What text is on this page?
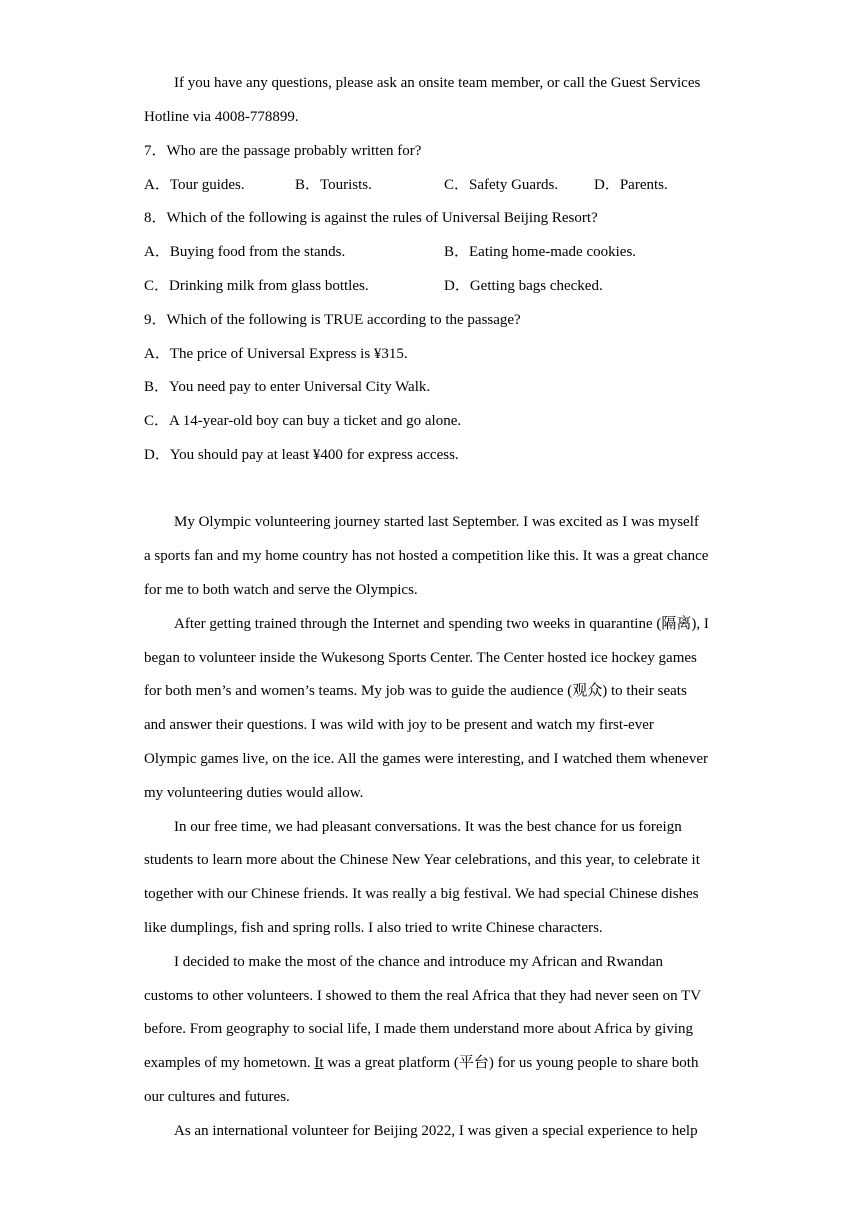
If you have any questions, please ask an onsite team member, or call the Guest Services
Hotline via 4008-778899.
7．Who are the passage probably written for?
A．Tour guides.	B．Tourists.	C．Safety Guards. D．Parents.
8．Which of the following is against the rules of Universal Beijing Resort?
A．Buying food from the stands.	B．Eating home-made cookies.
C．Drinking milk from glass bottles.	D．Getting bags checked.
9．Which of the following is TRUE according to the passage?
A．The price of Universal Express is ¥315.
B．You need pay to enter Universal City Walk.
C．A 14-year-old boy can buy a ticket and go alone.
D．You should pay at least ¥400 for express access.
My Olympic volunteering journey started last September. I was excited as I was myself
a sports fan and my home country has not hosted a competition like this. It was a great chance
for me to both watch and serve the Olympics.
After getting trained through the Internet and spending two weeks in quarantine (隔离), I
began to volunteer inside the Wukesong Sports Center. The Center hosted ice hockey games
for both men’s and women’s teams. My job was to guide the audience (观众) to their seats
and answer their questions. I was wild with joy to be present and watch my first-ever
Olympic games live, on the ice. All the games were interesting, and I watched them whenever
my volunteering duties would allow.
In our free time, we had pleasant conversations. It was the best chance for us foreign
students to learn more about the Chinese New Year celebrations, and this year, to celebrate it
together with our Chinese friends. It was really a big festival. We had special Chinese dishes
like dumplings, fish and spring rolls. I also tried to write Chinese characters.
I decided to make the most of the chance and introduce my African and Rwandan
customs to other volunteers. I showed to them the real Africa that they had never seen on TV
before. From geography to social life, I made them understand more about Africa by giving
examples of my hometown. It was a great platform (平台) for us young people to share both
our cultures and futures.
As an international volunteer for Beijing 2022, I was given a special experience to help
